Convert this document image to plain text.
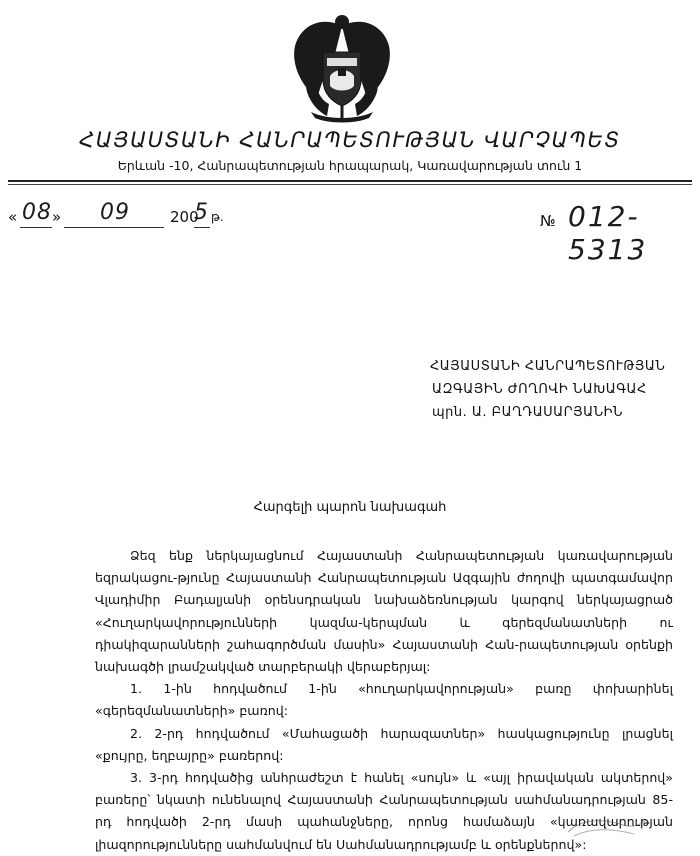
ՀԱՅԱՍՏԱՆԻ ՀԱՆՐԱՊԵՏՈՒԹՅԱՆ ՎԱՐՉԱՊԵՏ
Երևան -10, Հանրապետության հրապարակ, Կառավարության տուն 1
« 08 » 09	200
5 թ.	№ 012-5313
ՀԱՅԱՍՏԱՆԻ ՀԱՆՐԱՊԵՏՈՒԹՅԱՆ
ԱԶԳԱՅԻՆ ԺՈՂՈՎԻ ՆԱԽԱԳԱՀ
պրն. Ա. ԲԱՂԴԱՍԱՐՅԱՆԻՆ
Հարգելի պարոն նախագահ

Ձեզ ենք ներկայացնում Հայաստանի Հանրապետության կառավարության եզրակացու-թյունը Հայաստանի Հանրապետության Ազգային ժողովի պատգամավոր Վլադիմիր Բադալյանի օրենսդրական նախաձեռնության կարգով ներկայացրած «Հուղարկավորությունների կազմա-կերպման և գերեզմանատների ու դիակիզարանների շահագործման մասին» Հայաստանի Հան-րապետության օրենքի նախագծի լրամշակված տարբերակի վերաբերյալ:

1. 1-ին հոդվածում 1-ին «հուղարկավորության» բառը փոխարինել «գերեզմանատների» բառով:

2. 2-րդ հոդվածում «Մահացածի հարազատներ» հասկացությունը լրացնել «քույրը, եղբայրը» բառերով:

3. 3-րդ հոդվածից անհրաժեշտ է հանել «սույն» և «այլ իրավական ակտերով» բառերը՝ նկատի ունենալով Հայաստանի Հանրապետության սահմանադրության 85-րդ հոդվածի 2-րդ մասի պահանջները, որոնց համաձայն «կառավարության լիազորությունները սահմանվում են Սահմանադրությամբ և օրենքներով»:
